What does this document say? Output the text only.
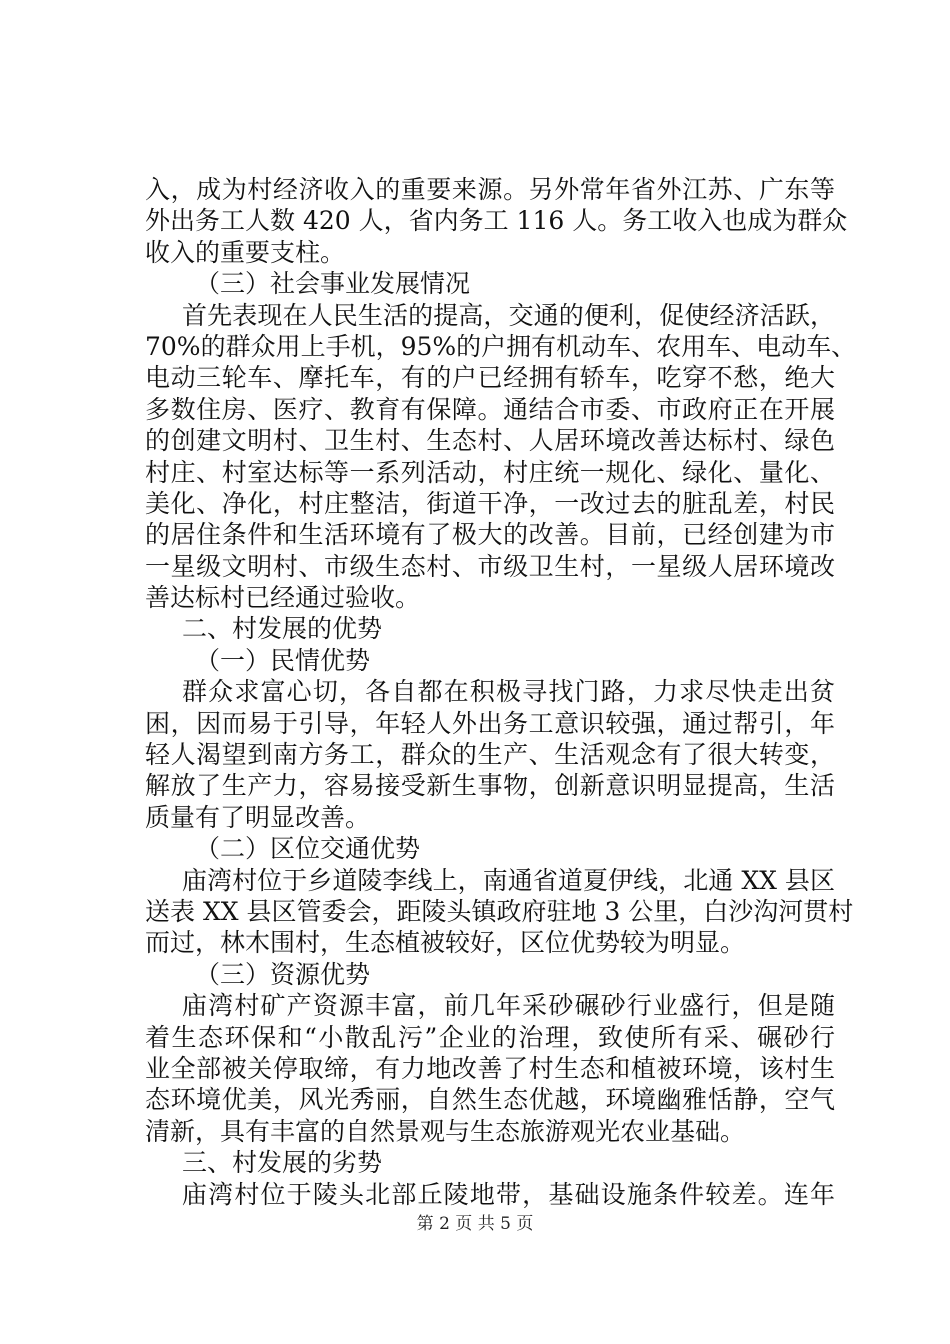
入，成为村经济收入的重要来源。另外常年省外江苏、广东等
外出务工人数 420 人，省内务工 116 人。务工收入也成为群众
收入的重要支柱。
（三）社会事业发展情况
首先表现在人民生活的提高，交通的便利，促使经济活跃，
70%的群众用上手机，95%的户拥有机动车、农用车、电动车、
电动三轮车、摩托车，有的户已经拥有轿车，吃穿不愁，绝大
多数住房、医疗、教育有保障。通结合市委、市政府正在开展
的创建文明村、卫生村、生态村、人居环境改善达标村、绿色
村庄、村室达标等一系列活动，村庄统一规化、绿化、量化、
美化、净化，村庄整洁，街道干净，一改过去的脏乱差，村民
的居住条件和生活环境有了极大的改善。目前，已经创建为市
一星级文明村、市级生态村、市级卫生村，一星级人居环境改
善达标村已经通过验收。
二、村发展的优势
（一）民情优势
群众求富心切，各自都在积极寻找门路，力求尽快走出贫
困，因而易于引导，年轻人外出务工意识较强，通过帮引，年
轻人渴望到南方务工，群众的生产、生活观念有了很大转变，
解放了生产力，容易接受新生事物，创新意识明显提高，生活
质量有了明显改善。
（二）区位交通优势
庙湾村位于乡道陵李线上，南通省道夏伊线，北通 XX 县区
送表 XX 县区管委会，距陵头镇政府驻地 3 公里，白沙沟河贯村
而过，林木围村，生态植被较好，区位优势较为明显。
（三）资源优势
庙湾村矿产资源丰富，前几年采砂碾砂行业盛行，但是随
着生态环保和“小散乱污”企业的治理，致使所有采、碾砂行
业全部被关停取缔，有力地改善了村生态和植被环境，该村生
态环境优美，风光秀丽，自然生态优越，环境幽雅恬静，空气
清新，具有丰富的自然景观与生态旅游观光农业基础。
三、村发展的劣势
庙湾村位于陵头北部丘陵地带，基础设施条件较差。连年
第 2 页 共 5 页
